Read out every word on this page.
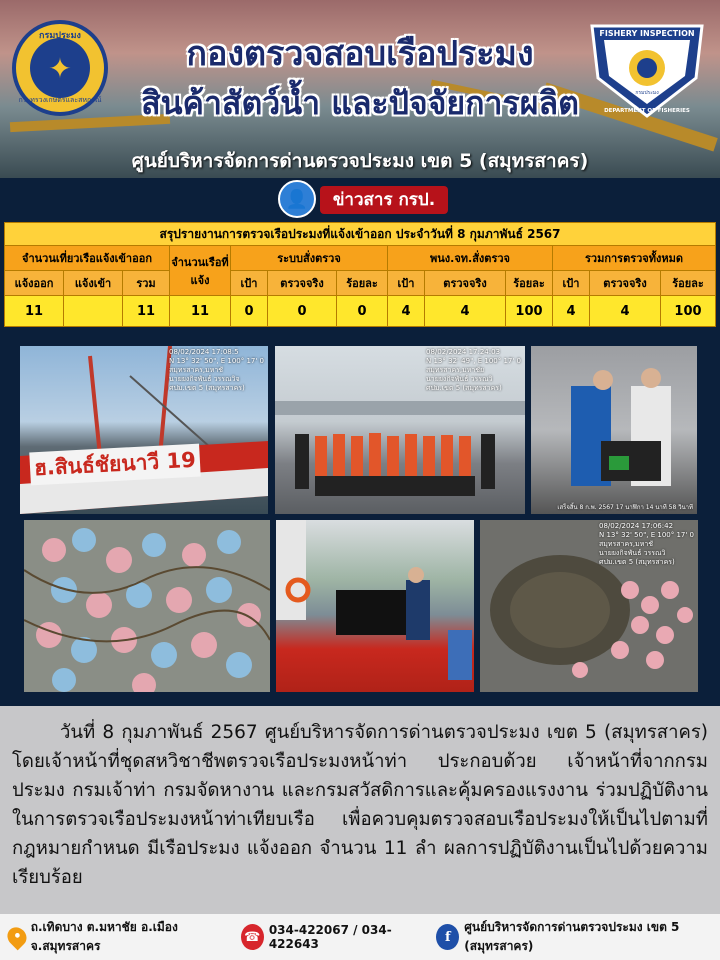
กรมประมง
✦
กระทรวงเกษตรและสหกรณ์
FISHERY INSPECTION
กรมประมง
DEPARTMENT OF FISHERIES
กองตรวจสอบเรือประมง
สินค้าสัตว์น้ำ และปัจจัยการผลิต
ศูนย์บริหารจัดการด่านตรวจประมง เขต 5 (สมุทรสาคร)
👤	ข่าวสาร กรป.
สรุปรายงานการตรวจเรือประมงที่แจ้งเข้าออก ประจำวันที่ 8 กุมภาพันธ์ 2567												
จำนวนเที่ยวเรือแจ้งเข้าออก			จำนวนเรือที่แจ้ง	ระบบสั่งตรวจ			พนง.จท.สั่งตรวจ			รวมการตรวจทั้งหมด		
แจ้งออก	แจ้งเข้า	รวม		เป้า	ตรวจจริง	ร้อยละ	เป้า	ตรวจจริง	ร้อยละ	เป้า	ตรวจจริง	ร้อยละ
11		11	11	0	0	0	4	4	100	4	4	100
ฮ.สินธ์ชัยนาวี 19
08/02/2024 17:08:5
N 13° 32' 50", E 100° 17' 0
สมุทรสาคร,มหาชั
นายยงกิจพันธ์ วรรณวิจ
ศปม.เขต 5 (สมุทรสาคร)
08/02/2024 17:24:03
N 13° 32' 49", E 100° 17' 0
สมุทรสาคร,มหาชัย
นายยงกิจพันธ์ วรรณวิ
ศปม.เขต 5 (สมุทรสาคร)
เสร็จสิ้น 8 ก.พ. 2567 17 นาฬิกา 14 นาที 58 วินาที
08/02/2024 17:06:42
N 13° 32' 50", E 100° 17' 0
สมุทรสาคร,มหาชั
นายยงกิจพันธ์ วรรณวิ
ศปม.เขต 5 (สมุทรสาคร)

วันที่ 8 กุมภาพันธ์ 2567 ศูนย์บริหารจัดการด่านตรวจประมง เขต 5 (สมุทรสาคร) โดยเจ้าหน้าที่ชุดสหวิชาชีพตรวจเรือประมงหน้าท่า ประกอบด้วย เจ้าหน้าที่จากกรมประมง กรมเจ้าท่า กรมจัดหางาน และกรมสวัสดิการและคุ้มครองแรงงาน ร่วมปฏิบัติงานในการตรวจเรือประมงหน้าท่าเทียบเรือ เพื่อควบคุมตรวจสอบเรือประมงให้เป็นไปตามที่กฎหมายกำหนด มีเรือประมง แจ้งออก จำนวน 11 ลำ ผลการปฏิบัติงานเป็นไปด้วยความเรียบร้อย

•
ถ.เทิดบาง ต.มหาชัย อ.เมือง จ.สมุทรสาคร
☎ 034-422067 / 034-422643	f
ศูนย์บริหารจัดการด่านตรวจประมง เขต 5 (สมุทรสาคร)
